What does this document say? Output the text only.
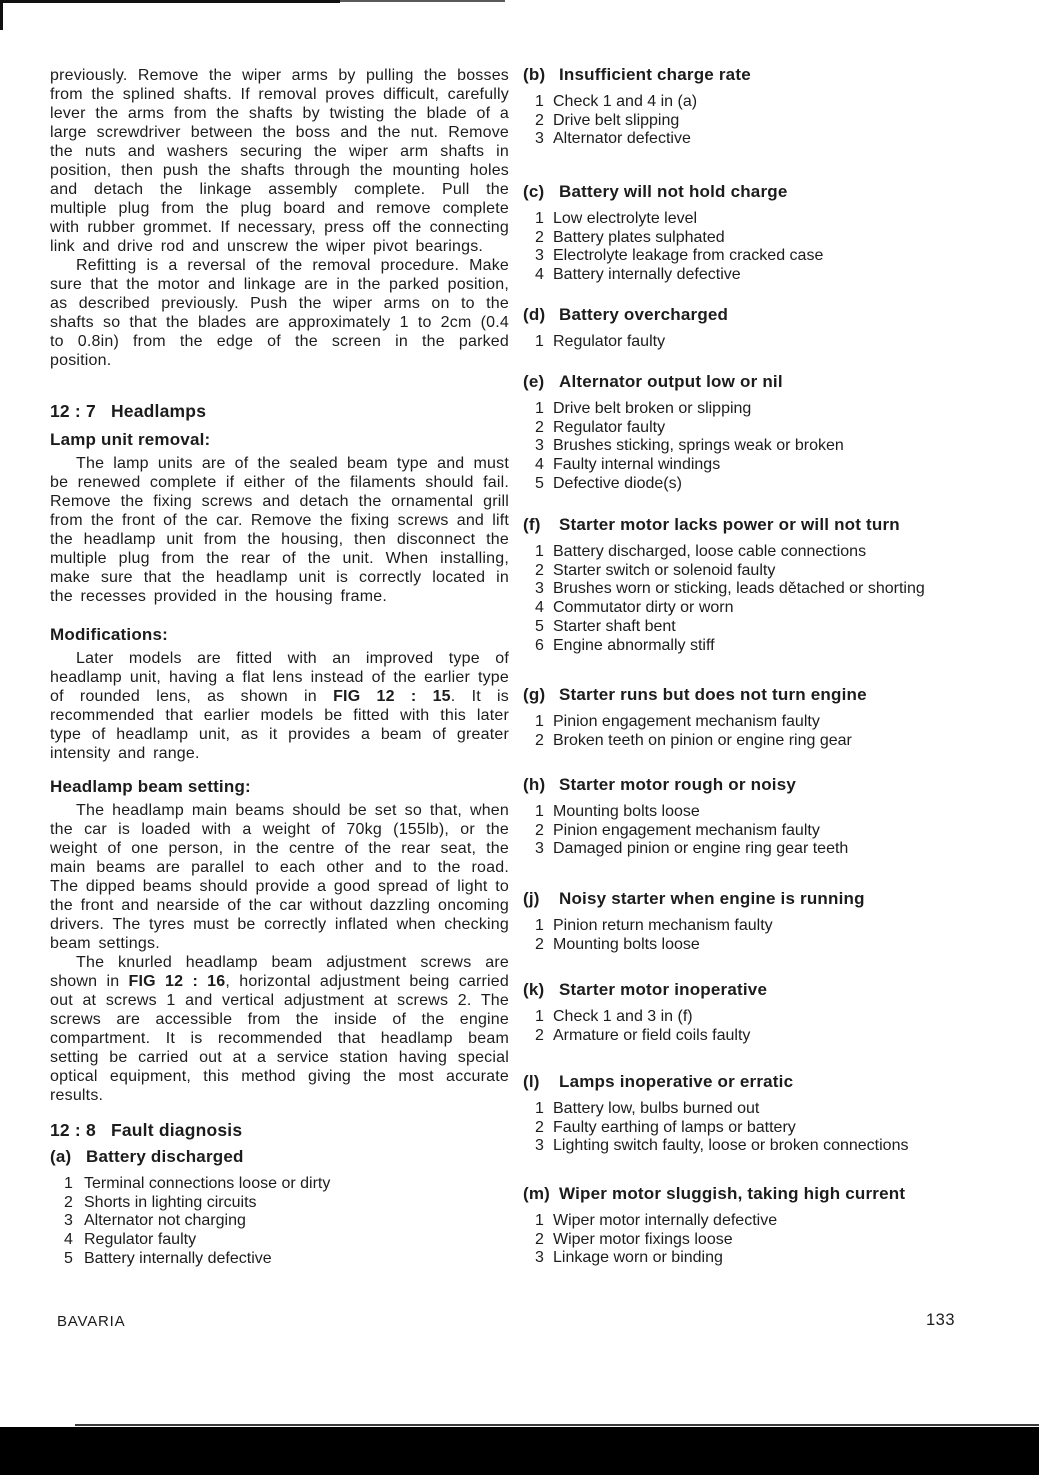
previously. Remove the wiper arms by pulling the bosses from the splined shafts. If removal proves difficult, carefully lever the arms from the shafts by twisting the blade of a large screwdriver between the boss and the nut. Remove the nuts and washers securing the wiper arm shafts in position, then push the shafts through the mounting holes and detach the linkage assembly complete. Pull the multiple plug from the plug board and remove complete with rubber grommet. If necessary, press off the connecting link and drive rod and unscrew the wiper pivot bearings.

Refitting is a reversal of the removal procedure. Make sure that the motor and linkage are in the parked position, as described previously. Push the wiper arms on to the shafts so that the blades are approximately 1 to 2cm (0.4 to 0.8in) from the edge of the screen in the parked position.

12 : 7 Headlamps
Lamp unit removal:

The lamp units are of the sealed beam type and must be renewed complete if either of the filaments should fail. Remove the fixing screws and detach the ornamental grill from the front of the car. Remove the fixing screws and lift the headlamp unit from the housing, then disconnect the multiple plug from the rear of the unit. When installing, make sure that the headlamp unit is correctly located in the recesses provided in the housing frame.

Modifications:

Later models are fitted with an improved type of headlamp unit, having a flat lens instead of the earlier type of rounded lens, as shown in FIG 12 : 15. It is recommended that earlier models be fitted with this later type of headlamp unit, as it provides a beam of greater intensity and range.

Headlamp beam setting:

The headlamp main beams should be set so that, when the car is loaded with a weight of 70kg (155lb), or the weight of one person, in the centre of the rear seat, the main beams are parallel to each other and to the road. The dipped beams should provide a good spread of light to the front and nearside of the car without dazzling oncoming drivers. The tyres must be correctly inflated when checking beam settings.

The knurled headlamp beam adjustment screws are shown in FIG 12 : 16, horizontal adjustment being carried out at screws 1 and vertical adjustment at screws 2. The screws are accessible from the inside of the engine compartment. It is recommended that headlamp beam setting be carried out at a service station having special optical equipment, this method giving the most accurate results.

12 : 8 Fault diagnosis
(a) Battery discharged
1 Terminal connections loose or dirty
2 Shorts in lighting circuits
3 Alternator not charging
4 Regulator faulty
5 Battery internally defective
(b) Insufficient charge rate
1 Check 1 and 4 in (a)
2 Drive belt slipping
3 Alternator defective
(c) Battery will not hold charge
1 Low electrolyte level
2 Battery plates sulphated
3 Electrolyte leakage from cracked case
4 Battery internally defective
(d) Battery overcharged
1 Regulator faulty
(e) Alternator output low or nil
1 Drive belt broken or slipping
2 Regulator faulty
3 Brushes sticking, springs weak or broken
4 Faulty internal windings
5 Defective diode(s)
(f) Starter motor lacks power or will not turn
1 Battery discharged, loose cable connections
2 Starter switch or solenoid faulty
3 Brushes worn or sticking, leads dětached or shorting
4 Commutator dirty or worn
5 Starter shaft bent
6 Engine abnormally stiff
(g) Starter runs but does not turn engine
1 Pinion engagement mechanism faulty
2 Broken teeth on pinion or engine ring gear
(h) Starter motor rough or noisy
1 Mounting bolts loose
2 Pinion engagement mechanism faulty
3 Damaged pinion or engine ring gear teeth
(j) Noisy starter when engine is running
1 Pinion return mechanism faulty
2 Mounting bolts loose
(k) Starter motor inoperative
1 Check 1 and 3 in (f)
2 Armature or field coils faulty
(l) Lamps inoperative or erratic
1 Battery low, bulbs burned out
2 Faulty earthing of lamps or battery
3 Lighting switch faulty, loose or broken connections
(m) Wiper motor sluggish, taking high current
1 Wiper motor internally defective
2 Wiper motor fixings loose
3 Linkage worn or binding
BAVARIA	133
